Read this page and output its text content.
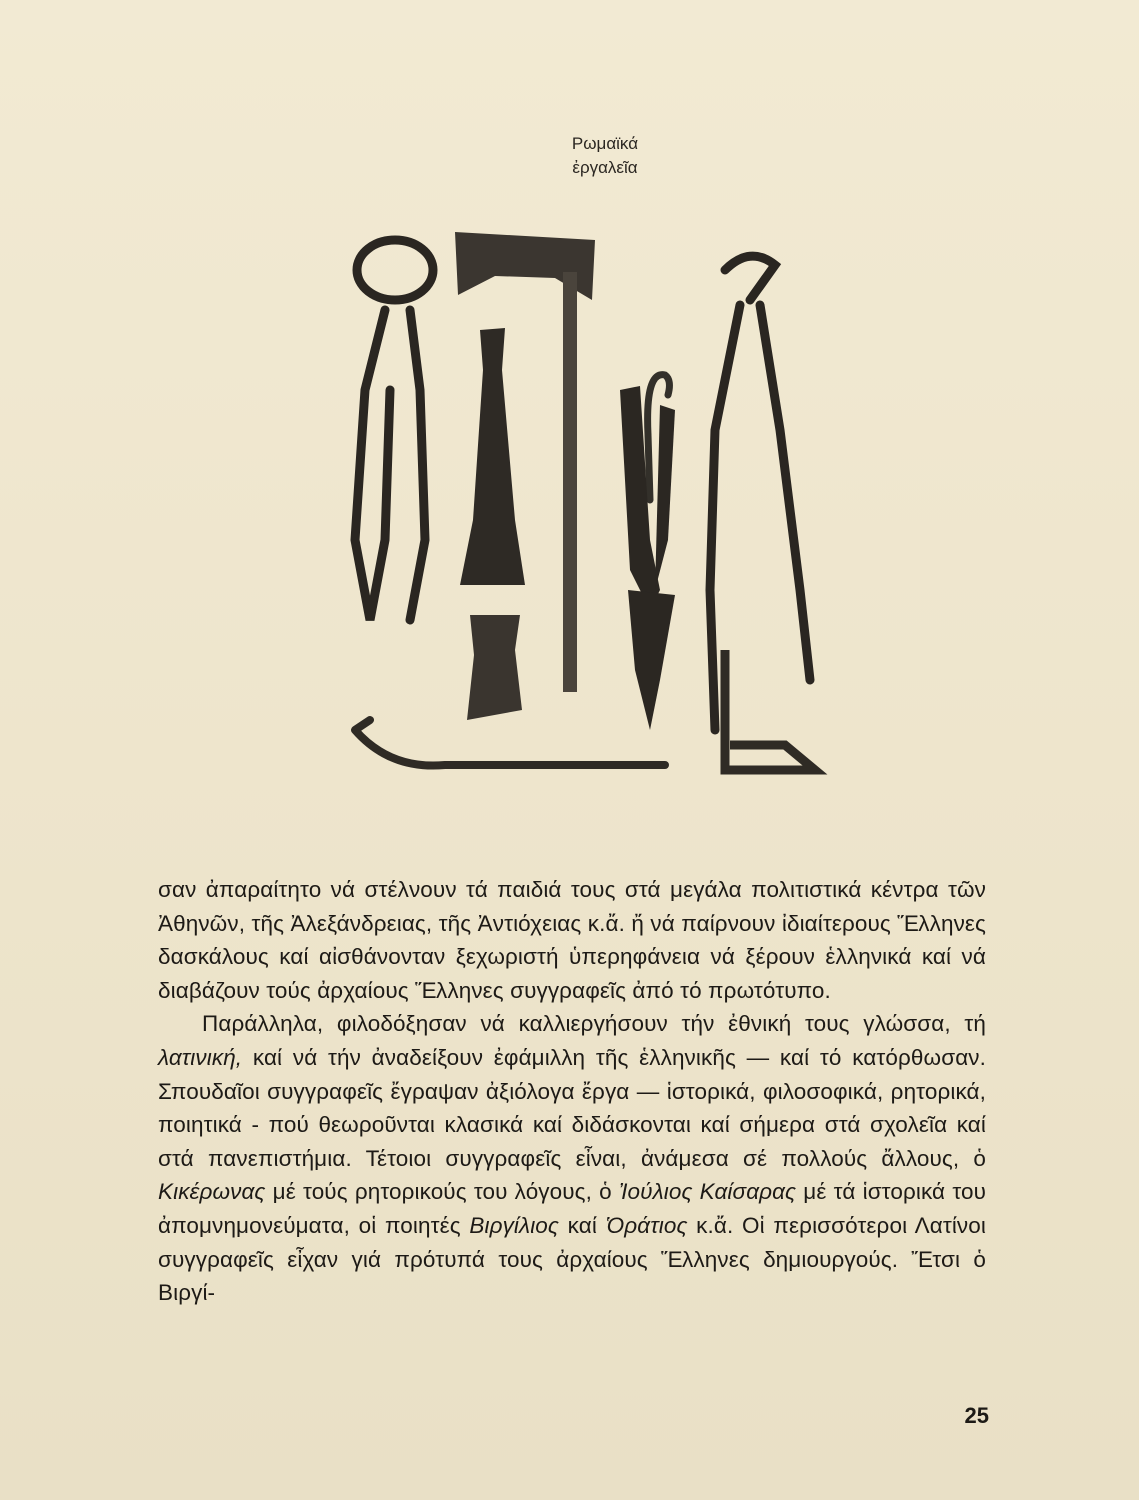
Ρωμαϊκά
ἐργαλεῖα

σαν ἀπαραίτητο νά στέλνουν τά παιδιά τους στά μεγάλα πολιτιστικά κέντρα τῶν Ἀθηνῶν, τῆς Ἀλεξάνδρειας, τῆς Ἀντιόχειας κ.ἄ. ἤ νά παίρνουν ἰδιαίτερους Ἕλληνες δασκάλους καί αἰσθάνονταν ξεχωριστή ὑπερηφάνεια νά ξέρουν ἑλληνικά καί νά διαβάζουν τούς ἀρχαίους Ἕλληνες συγγραφεῖς ἀπό τό πρωτότυπο.

Παράλληλα, φιλοδόξησαν νά καλλιεργήσουν τήν ἐθνική τους γλώσσα, τή λατινική, καί νά τήν ἀναδείξουν ἐφάμιλλη τῆς ἑλληνικῆς — καί τό κατόρθωσαν. Σπουδαῖοι συγγραφεῖς ἔγραψαν ἀξιόλογα ἔργα — ἱστορικά, φιλοσοφικά, ρητορικά, ποιητικά - πού θεωροῦνται κλασικά καί διδάσκονται καί σήμερα στά σχολεῖα καί στά πανεπιστήμια. Τέτοιοι συγγραφεῖς εἶναι, ἀνάμεσα σέ πολλούς ἄλλους, ὁ Κικέρωνας μέ τούς ρητορικούς του λόγους, ὁ Ἰούλιος Καίσαρας μέ τά ἱστορικά του ἀπομνημονεύματα, οἱ ποιητές Βιργίλιος καί Ὁράτιος κ.ἄ. Οἱ περισσότεροι Λατίνοι συγγραφεῖς εἶχαν γιά πρότυπά τους ἀρχαίους Ἕλληνες δημιουργούς. Ἔτσι ὁ Βιργί-

25
